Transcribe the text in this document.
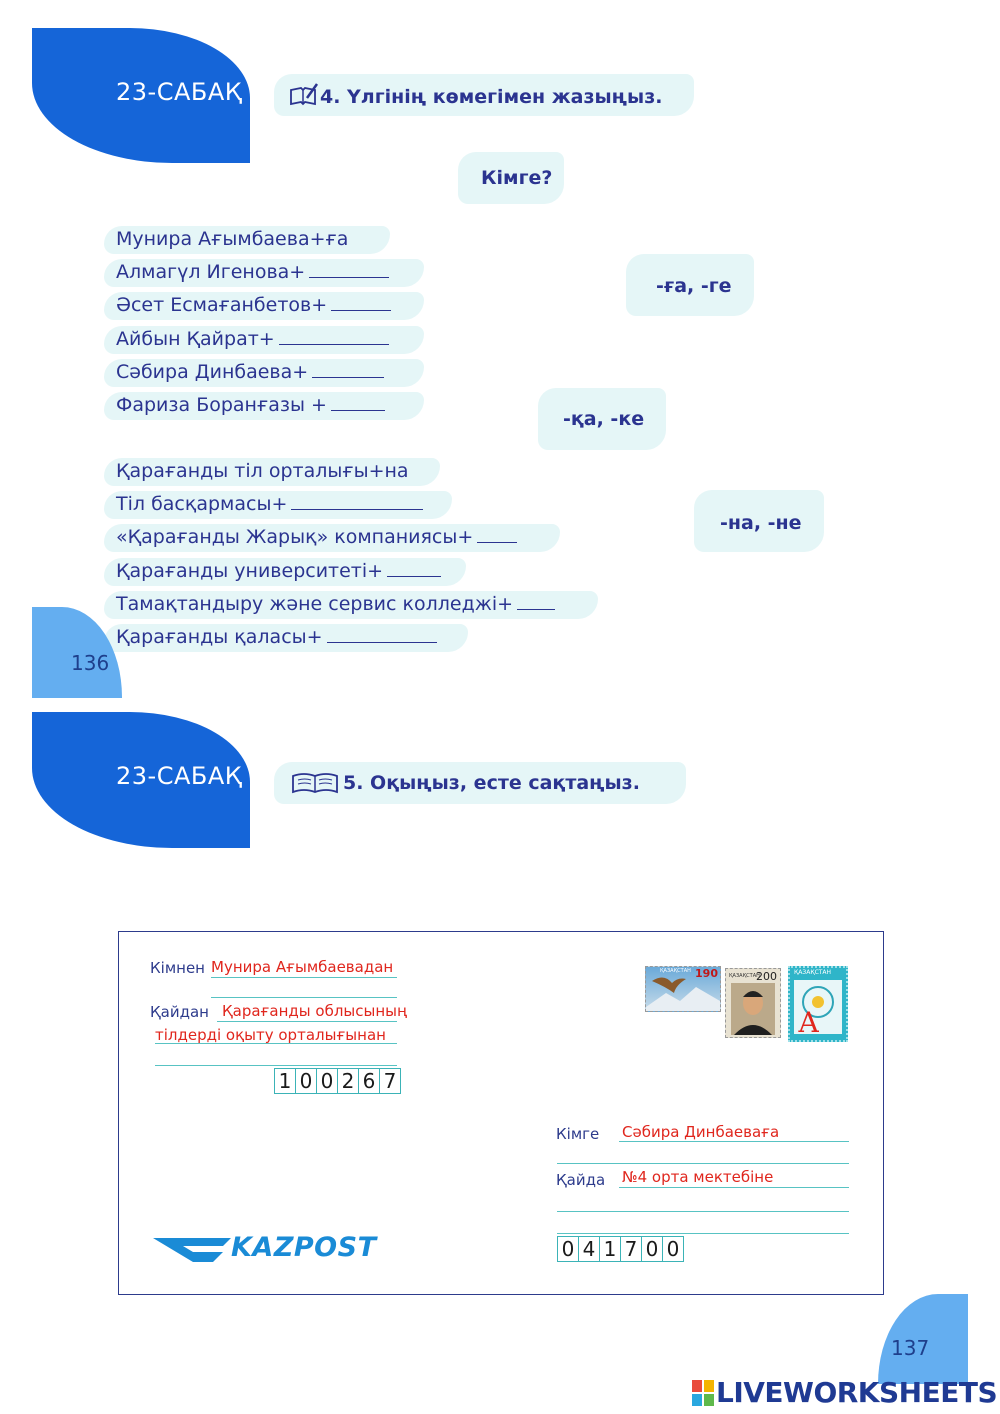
23-САБАҚ	4. Үлгінің көмегімен жазыңыз.
Кімге?
Мунира Ағымбаева+ға
Алмагүл Игенова+
Әсет Есмағанбетов+
Айбын Қайрат+
Сәбира Динбаева+
Фариза Боранғазы +
-ға, -ге
-қа, -ке
-на, -не
Қарағанды тіл орталығы+на
Тіл басқармасы+
«Қарағанды Жарық» компаниясы+
Қарағанды университеті+
Тамақтандыру және сервис колледжі+
Қарағанды қаласы+
136
23-САБАҚ	5. Оқыңыз, есте сақтаңыз.
Кімнен Мунира Ағымбаевадан
Қайдан Қарағанды облысының
тілдерді оқыту орталығынан
1 0 0 2 6 7
190
ҚАЗАҚСТАН	200
ҚАЗАҚСТАН	ҚАЗАҚСТАН
А
Кімге Сәбира Динбаеваға
Қайда №4 орта мектебіне
0 4 1 7 0 0
KAZPOST
137
LIVEWORKSHEETS
